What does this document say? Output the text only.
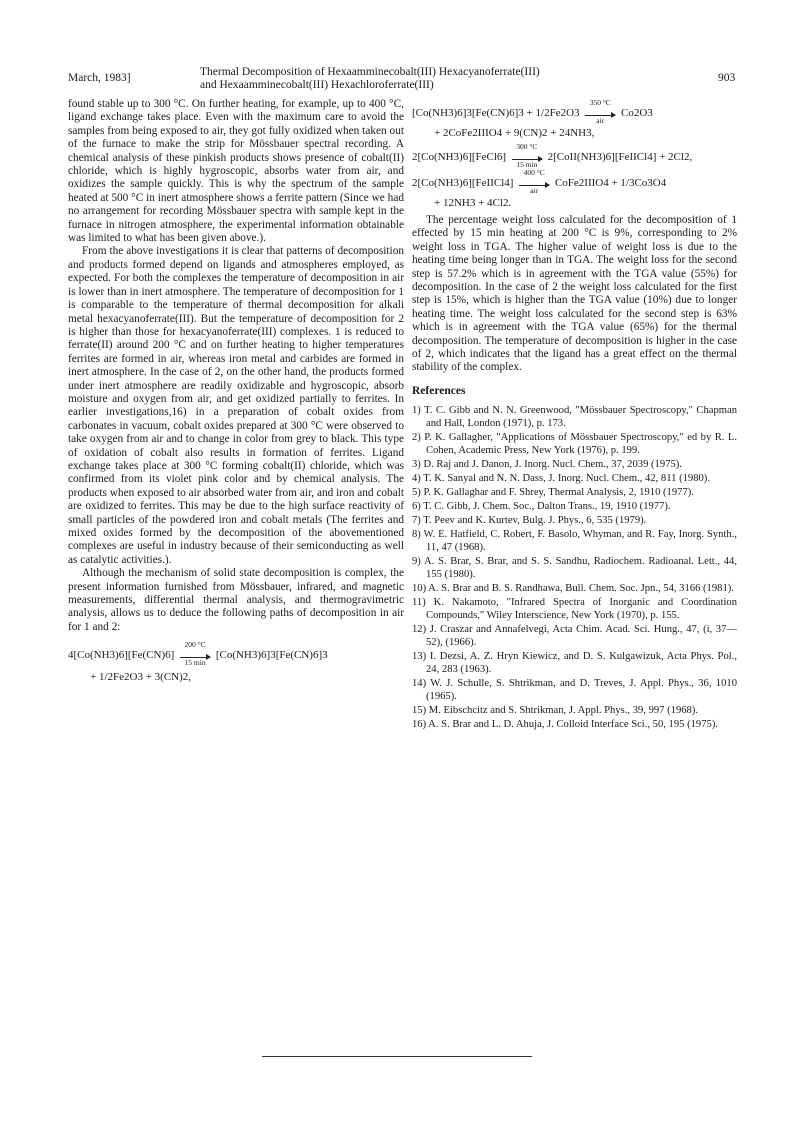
March, 1983]	Thermal Decomposition of Hexaamminecobalt(III) Hexacyanoferrate(III)
and Hexaamminecobalt(III) Hexachloroferrate(III)
903

found stable up to 300 °C. On further heating, for example, up to 400 °C, ligand exchange takes place. Even with the maximum care to avoid the samples from being exposed to air, they got fully oxidized when taken out of the furnace to make the strip for Mössbauer spectral recording. A chemical analysis of these pinkish products shows presence of cobalt(II) chloride, which is highly hygroscopic, absorbs water from air, and oxidizes the sample quickly. This is why the spectrum of the sample heated at 500 °C in inert atmosphere shows a ferrite pattern (Since we had no arrangement for recording Mössbauer spectra with sample kept in the furnace in nitrogen atmosphere, the experimental information obtainable was limited to what has been given above.).

From the above investigations it is clear that patterns of decomposition and products formed depend on ligands and atmospheres employed, as expected. For both the complexes the temperature of decomposition in air is lower than in inert atmosphere. The temperature of decomposition for 1 is comparable to the temperature of thermal decomposition for alkali metal hexacyanoferrate(III). But the temperature of decomposition for 2 is higher than those for hexacyanoferrate(III) complexes. 1 is reduced to ferrate(II) around 200 °C and on further heating to higher temperatures ferrites are formed in air, whereas iron metal and carbides are formed in inert atmosphere. In the case of 2, on the other hand, the products formed under inert atmosphere are readily oxidizable and hygroscopic, absorb moisture and oxygen from air, and get oxidized partially to ferrites. In earlier investigations,16) in a preparation of cobalt oxides from carbonates in vacuum, cobalt oxides prepared at 300 °C were observed to take oxygen from air and to change in color from grey to black. This type of oxidation of cobalt also results in formation of ferrites. Ligand exchange takes place at 300 °C forming cobalt(II) chloride, which was confirmed from its violet pink color and by chemical analysis. The products when exposed to air absorbed water from air, and iron and cobalt are oxidized to ferrites. This may be due to the high surface reactivity of small particles of the powdered iron and cobalt metals (The ferrites and mixed oxides formed by the decomposition of the abovementioned complexes are useful in industry because of their semiconducting as well as catalytic activities.).

Although the mechanism of solid state decomposition is complex, the present information furnished from Mössbauer, infrared, and magnetic measurements, differential thermal analysis, and thermogravimetric analysis, allows us to deduce the following paths of decomposition in air for 1 and 2:

4[Co(NH3)6][Fe(CN)6]
200 °C
15 min
[Co(NH3)6]3[Fe(CN)6]3
+ 1/2Fe2O3 + 3(CN)2,
[Co(NH3)6]3[Fe(CN)6]3 + 1/2Fe2O3
350 °C
air
Co2O3
+ 2CoFe2IIIO4 + 9(CN)2 + 24NH3,
2[Co(NH3)6][FeCl6]
300 °C
15 min
2[CoII(NH3)6][FeIICl4] + 2Cl2,
2[Co(NH3)6][FeIICl4]
400 °C
air
CoFe2IIIO4 + 1/3Co3O4
+ 12NH3 + 4Cl2.

The percentage weight loss calculated for the decomposition of 1 effected by 15 min heating at 200 °C is 9%, corresponding to 2% weight loss in TGA. The higher value of weight loss is due to the heating time being longer than in TGA. The weight loss for the second step is 57.2% which is in agreement with the TGA value (55%) for decomposition. In the case of 2 the weight loss calculated for the first step is 15%, which is higher than the TGA value (10%) due to longer heating time. The weight loss calculated for the second step is 63% which is in agreement with the TGA value (65%) for the thermal decomposition. The temperature of decomposition is higher in the case of 2, which indicates that the ligand has a great effect on the thermal stability of the complex.

References

1) T. C. Gibb and N. N. Greenwood, "Mössbauer Spectroscopy," Chapman and Hall, London (1971), p. 173.

2) P. K. Gallagher, "Applications of Mössbauer Spectroscopy," ed by R. L. Cohen, Academic Press, New York (1976), p. 199.

3) D. Raj and J. Danon, J. Inorg. Nucl. Chem., 37, 2039 (1975).

4) T. K. Sanyal and N. N. Dass, J. Inorg. Nucl. Chem., 42, 811 (1980).

5) P. K. Gallaghar and F. Shrey, Thermal Analysis, 2, 1910 (1977).

6) T. C. Gibb, J. Chem. Soc., Dalton Trans., 19, 1910 (1977).

7) T. Peev and K. Kurtev, Bulg. J. Phys., 6, 535 (1979).

8) W. E. Hatfield, C. Robert, F. Basolo, Whyman, and R. Fay, Inorg. Synth., 11, 47 (1968).

9) A. S. Brar, S. Brar, and S. S. Sandhu, Radiochem. Radioanal. Lett., 44, 155 (1980).

10) A. S. Brar and B. S. Randhawa, Bull. Chem. Soc. Jpn., 54, 3166 (1981).

11) K. Nakamoto, "Infrared Spectra of Inorganic and Coordination Compounds," Wiley Interscience, New York (1970), p. 155.

12) J. Craszar and Annafelvegi, Acta Chim. Acad. Sci. Hung., 47, (i, 37—52), (1966).

13) I. Dezsi, A. Z. Hryn Kiewicz, and D. S. Kulgawizuk, Acta Phys. Pol., 24, 283 (1963).

14) W. J. Schulle, S. Shtrikman, and D. Treves, J. Appl. Phys., 36, 1010 (1965).

15) M. Eibschcitz and S. Shtrikman, J. Appl. Phys., 39, 997 (1968).

16) A. S. Brar and L. D. Ahuja, J. Colloid Interface Sci., 50, 195 (1975).
